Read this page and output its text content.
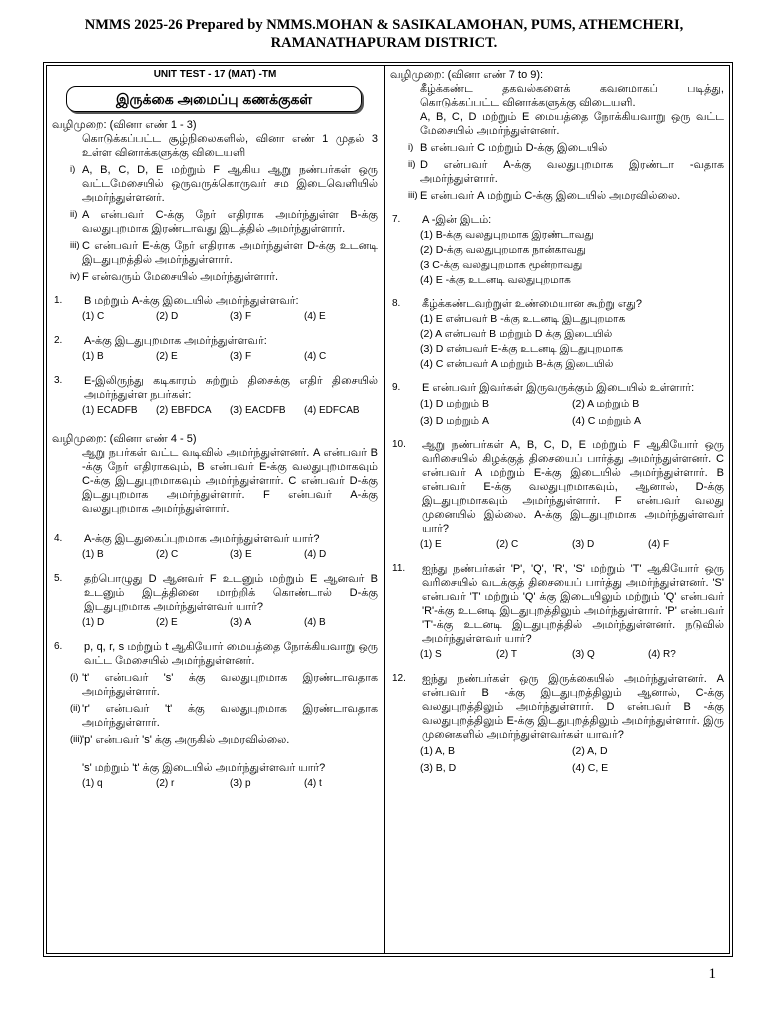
NMMS 2025-26 Prepared by NMMS.MOHAN & SASIKALAMOHAN, PUMS, ATHEMCHERI,
RAMANATHAPURAM DISTRICT.
UNIT TEST - 17 (MAT) -TM
இருக்கை அமைப்பு கணக்குகள்
வழிமுறை: (வினா எண் 1 - 3)
கொடுக்கப்பட்ட சூழ்நிலைகளில், வினா எண் 1 முதல் 3 உள்ள வினாக்களுக்கு விடையளி
i) A, B, C, D, E மற்றும் F ஆகிய ஆறு நண்பர்கள் ஒரு வட்டமேசையில் ஒருவருக்கொருவர் சம இடைவெளியில் அமர்ந்துள்ளனர்.
ii) A என்பவர் C-க்கு நேர் எதிராக அமர்ந்துள்ள B-க்கு வலதுபுறமாக இரண்டாவது இடத்தில் அமர்ந்துள்ளார்.
iii) C என்பவர் E-க்கு நேர் எதிராக அமர்ந்துள்ள D-க்கு உடனடி இடதுபுறத்தில் அமர்ந்துள்ளார்.
iv) F என்வரும் மேசையில் அமர்ந்துள்ளார்.
1.	B மற்றும் A-க்கு இடையில் அமர்ந்துள்ளவர்:
(1) C	(2) D	(3) F	(4) E
2.	A-க்கு இடதுபுறமாக அமர்ந்துள்ளவர்:
(1) B	(2) E	(3) F	(4) C
3.	E-இலிருந்து கடிகாரம் சுற்றும் திசைக்கு எதிர் திசையில் அமர்ந்துள்ள நபர்கள்:
(1) ECADFB	(2) EBFDCA	(3) EACDFB	(4) EDFCAB
வழிமுறை: (வினா எண் 4 - 5)
ஆறு நபர்கள் வட்ட வடிவில் அமர்ந்துள்ளனர். A என்பவர் B -க்கு நேர் எதிராகவும், B என்பவர் E-க்கு வலதுபுறமாகவும் C-க்கு இடதுபுறமாகவும் அமர்ந்துள்ளார். C என்பவர் D-க்கு இடதுபுறமாக அமர்ந்துள்ளார். F என்பவர் A-க்கு வலதுபுறமாக அமர்ந்துள்ளார்.
4.	A-க்கு இடதுகைப்புறமாக அமர்ந்துள்ளவர் யார்?
(1) B	(2) C	(3) E	(4) D
5.	தற்பொழுது D ஆனவர் F உடனும் மற்றும் E ஆனவர் B உடனும் இடத்தினை மாற்றிக் கொண்டால் D-க்கு இடதுபுறமாக அமர்ந்துள்ளவர் யார்?
(1) D	(2) E	(3) A	(4) B
6.	p, q, r, s மற்றும் t ஆகியோர் மையத்தை நோக்கியவாறு ஒரு வட்ட மேசையில் அமர்ந்துள்ளனர்.
(i) 't' என்பவர் 's' க்கு வலதுபுறமாக இரண்டாவதாக அமர்ந்துள்ளார்.
(ii) 'r' என்பவர் 't' க்கு வலதுபுறமாக இரண்டாவதாக அமர்ந்துள்ளார்.
(iii) 'p' என்பவர் 's' க்கு அருகில் அமரவில்லை.
's' மற்றும் 't' க்கு இடையில் அமர்ந்துள்ளவர் யார்?
(1) q	(2) r	(3) p	(4) t
வழிமுறை: (வினா எண் 7 to 9):
கீழ்க்கண்ட தகவல்களைக் கவனமாகப் படித்து, கொடுக்கப்பட்ட வினாக்களுக்கு விடையளி.
A, B, C, D மற்றும் E மையத்தை நோக்கியவாறு ஒரு வட்ட மேசையில் அமர்ந்துள்ளனர்.
i) B என்பவர் C மற்றும் D-க்கு இடையில்
ii) D என்பவர் A-க்கு வலதுபுறமாக இரண்டா -வதாக அமர்ந்துள்ளார்.
iii) E என்பவர் A மற்றும் C-க்கு இடையில் அமரவில்லை.
7.	A -இன் இடம்:
(1) B-க்கு வலதுபுறமாக இரண்டாவது
(2) D-க்கு வலதுபுறமாக நான்காவது
(3 C-க்கு வலதுபுறமாக மூன்றாவது
(4) E -க்கு உடனடி வலதுபுறமாக
8.	கீழ்க்கண்டவற்றுள் உண்மையான கூற்று எது?
(1) E என்பவர் B -க்கு உடனடி இடதுபுறமாக
(2) A என்பவர் B மற்றும் D க்கு இடையில்
(3) D என்பவர் E-க்கு உடனடி இடதுபுறமாக
(4) C என்பவர் A மற்றும் B-க்கு இடையில்
9.	E என்பவர் இவர்கள் இருவருக்கும் இடையில் உள்ளார்:
(1) D மற்றும் B	(2) A மற்றும் B
(3) D மற்றும் A	(4) C மற்றும் A
10.	ஆறு நண்பர்கள் A, B, C, D, E மற்றும் F ஆகியோர் ஒரு வரிசையில் கிழக்குத் திசையைப் பார்த்து அமர்ந்துள்ளனர். C என்பவர் A மற்றும் E-க்கு இடையில் அமர்ந்துள்ளார். B என்பவர் E-க்கு வலதுபுறமாகவும், ஆனால், D-க்கு இடதுபுறமாகவும் அமர்ந்துள்ளார். F என்பவர் வலது முனையில் இல்லை. A-க்கு இடதுபுறமாக அமர்ந்துள்ளவர் யார்?
(1) E	(2) C	(3) D	(4) F
11.	ஐந்து நண்பர்கள் 'P', 'Q', 'R', 'S' மற்றும் 'T' ஆகியோர் ஒரு வரிசையில் வடக்குத் திசையைப் பார்த்து அமர்ந்துள்ளனர். 'S' என்பவர் 'T' மற்றும் 'Q' க்கு இடையிலும் மற்றும் 'Q' என்பவர் 'R'-க்கு உடனடி இடதுபுறத்திலும் அமர்ந்துள்ளார். 'P' என்பவர் 'T'-க்கு உடனடி இடதுபுறத்தில் அமர்ந்துள்ளனர். நடுவில் அமர்ந்துள்ளவர் யார்?
(1) S	(2) T	(3) Q	(4) R?
12.	ஐந்து நண்பர்கள் ஒரு இருக்கையில் அமர்ந்துள்ளனர். A என்பவர் B -க்கு இடதுபுறத்திலும் ஆனால், C-க்கு வலதுபுறத்திலும் அமர்ந்துள்ளார். D என்பவர் B -க்கு வலதுபுறத்திலும் E-க்கு இடதுபுறத்திலும் அமர்ந்துள்ளார். இரு முனைகளில் அமர்ந்துள்ளவர்கள் யாவர்?
(1) A, B	(2) A, D
(3) B, D	(4) C, E
1
